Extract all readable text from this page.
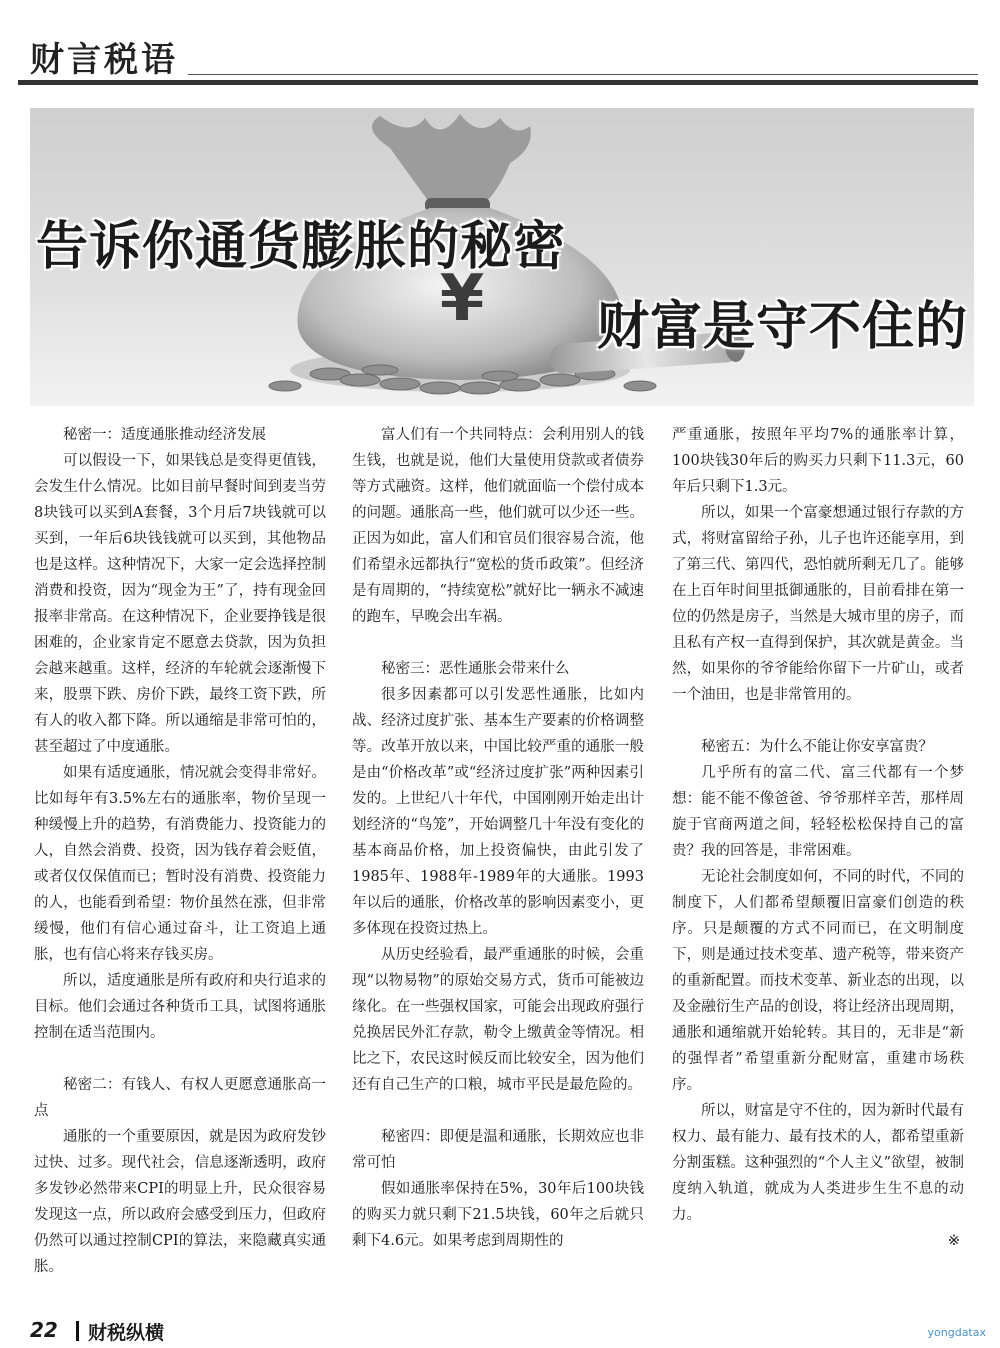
财言税语
¥
告诉你通货膨胀的秘密
财富是守不住的
秘密一：适度通胀推动经济发展

可以假设一下，如果钱总是变得更值钱，会发生什么情况。比如目前早餐时间到麦当劳8块钱可以买到A套餐，3个月后7块钱就可以买到，一年后6块钱钱就可以买到，其他物品也是这样。这种情况下，大家一定会选择控制消费和投资，因为“现金为王”了，持有现金回报率非常高。在这种情况下，企业要挣钱是很困难的，企业家肯定不愿意去贷款，因为负担会越来越重。这样，经济的车轮就会逐渐慢下来，股票下跌、房价下跌，最终工资下跌，所有人的收入都下降。所以通缩是非常可怕的，甚至超过了中度通胀。

如果有适度通胀，情况就会变得非常好。比如每年有3.5%左右的通胀率，物价呈现一种缓慢上升的趋势，有消费能力、投资能力的人，自然会消费、投资，因为钱存着会贬值，或者仅仅保值而已；暂时没有消费、投资能力的人，也能看到希望：物价虽然在涨，但非常缓慢，他们有信心通过奋斗，让工资追上通胀，也有信心将来存钱买房。

所以，适度通胀是所有政府和央行追求的目标。他们会通过各种货币工具，试图将通胀控制在适当范围内。

秘密二：有钱人、有权人更愿意通胀高一点

通胀的一个重要原因，就是因为政府发钞过快、过多。现代社会，信息逐渐透明，政府多发钞必然带来CPI的明显上升，民众很容易发现这一点，所以政府会感受到压力，但政府仍然可以通过控制CPI的算法，来隐藏真实通胀。

富人们有一个共同特点：会利用别人的钱生钱，也就是说，他们大量使用贷款或者债券等方式融资。这样，他们就面临一个偿付成本的问题。通胀高一些，他们就可以少还一些。正因为如此，富人们和官员们很容易合流，他们希望永远都执行“宽松的货币政策”。但经济是有周期的，“持续宽松”就好比一辆永不减速的跑车，早晚会出车祸。

秘密三：恶性通胀会带来什么

很多因素都可以引发恶性通胀，比如内战、经济过度扩张、基本生产要素的价格调整等。改革开放以来，中国比较严重的通胀一般是由“价格改革”或“经济过度扩张”两种因素引发的。上世纪八十年代，中国刚刚开始走出计划经济的“鸟笼”，开始调整几十年没有变化的基本商品价格，加上投资偏快，由此引发了1985年、1988年-1989年的大通胀。1993年以后的通胀，价格改革的影响因素变小，更多体现在投资过热上。

从历史经验看，最严重通胀的时候，会重现“以物易物”的原始交易方式，货币可能被边缘化。在一些强权国家，可能会出现政府强行兑换居民外汇存款，勒令上缴黄金等情况。相比之下，农民这时候反而比较安全，因为他们还有自己生产的口粮，城市平民是最危险的。

秘密四：即便是温和通胀，长期效应也非常可怕

假如通胀率保持在5%，30年后100块钱的购买力就只剩下21.5块钱，60年之后就只剩下4.6元。如果考虑到周期性的

严重通胀，按照年平均7%的通胀率计算，100块钱30年后的购买力只剩下11.3元，60年后只剩下1.3元。

所以，如果一个富豪想通过银行存款的方式，将财富留给子孙，儿子也许还能享用，到了第三代、第四代，恐怕就所剩无几了。能够在上百年时间里抵御通胀的，目前看排在第一位的仍然是房子，当然是大城市里的房子，而且私有产权一直得到保护，其次就是黄金。当然，如果你的爷爷能给你留下一片矿山，或者一个油田，也是非常管用的。

秘密五：为什么不能让你安享富贵？

几乎所有的富二代、富三代都有一个梦想：能不能不像爸爸、爷爷那样辛苦，那样周旋于官商两道之间，轻轻松松保持自己的富贵？我的回答是，非常困难。

无论社会制度如何，不同的时代，不同的制度下，人们都希望颠覆旧富豪们创造的秩序。只是颠覆的方式不同而已，在文明制度下，则是通过技术变革、遗产税等，带来资产的重新配置。而技术变革、新业态的出现，以及金融衍生产品的创设，将让经济出现周期，通胀和通缩就开始轮转。其目的，无非是“新的强悍者”希望重新分配财富，重建市场秩序。

所以，财富是守不住的，因为新时代最有权力、最有能力、最有技术的人，都希望重新分割蛋糕。这种强烈的“个人主义”欲望，被制度纳入轨道，就成为人类进步生生不息的动力。

※
22 财税纵横	yongdatax
